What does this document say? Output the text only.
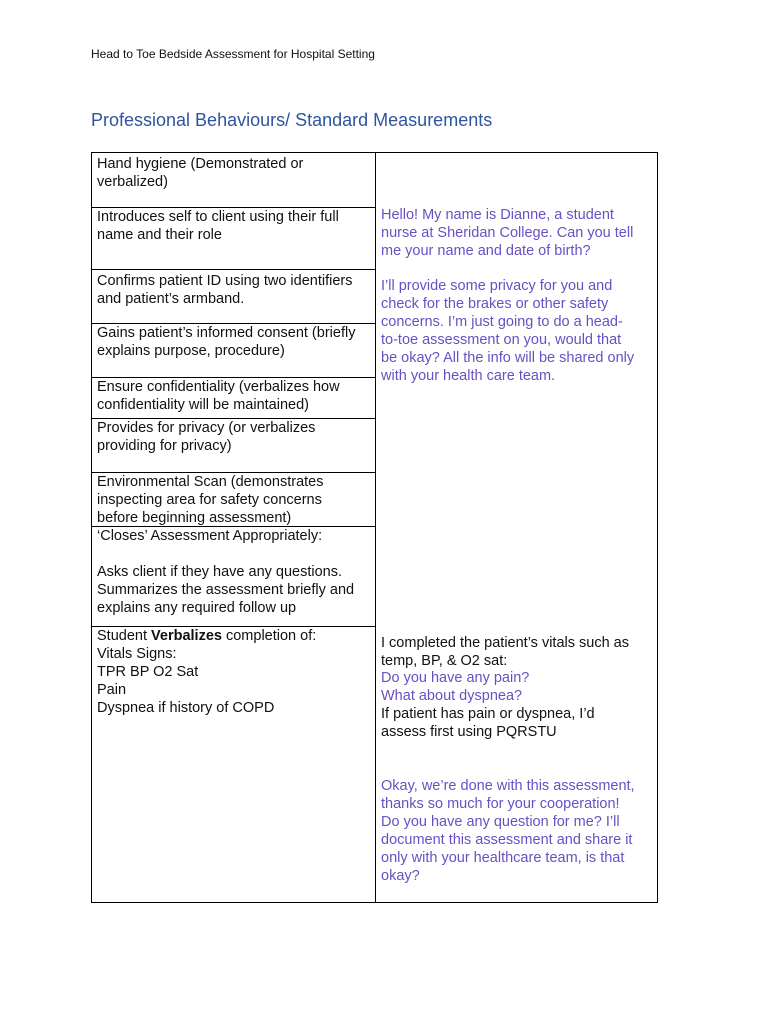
Head to Toe Bedside Assessment for Hospital Setting
Professional Behaviours/ Standard Measurements
Hand hygiene (Demonstrated or
verbalized)
Introduces self to client using their full
name and their role
Confirms patient ID using two identifiers
and patient’s armband.
Gains patient’s informed consent (briefly
explains purpose, procedure)
Ensure confidentiality (verbalizes how
confidentiality will be maintained)
Provides for privacy (or verbalizes
providing for privacy)
Environmental Scan (demonstrates
inspecting area for safety concerns
before beginning assessment)
‘Closes’ Assessment Appropriately:

Asks client if they have any questions.
Summarizes the assessment briefly and
explains any required follow up
Student Verbalizes completion of:
Vitals Signs:
TPR BP O2 Sat
Pain
Dyspnea if history of COPD
Hello! My name is Dianne, a student
nurse at Sheridan College. Can you tell
me your name and date of birth?
I’ll provide some privacy for you and
check for the brakes or other safety
concerns. I’m just going to do a head-
to-toe assessment on you, would that
be okay? All the info will be shared only
with your health care team.
I completed the patient’s vitals such as
temp, BP, & O2 sat:
Do you have any pain?
What about dyspnea?
If patient has pain or dyspnea, I’d
assess first using PQRSTU
Okay, we’re done with this assessment,
thanks so much for your cooperation!
Do you have any question for me? I’ll
document this assessment and share it
only with your healthcare team, is that
okay?
